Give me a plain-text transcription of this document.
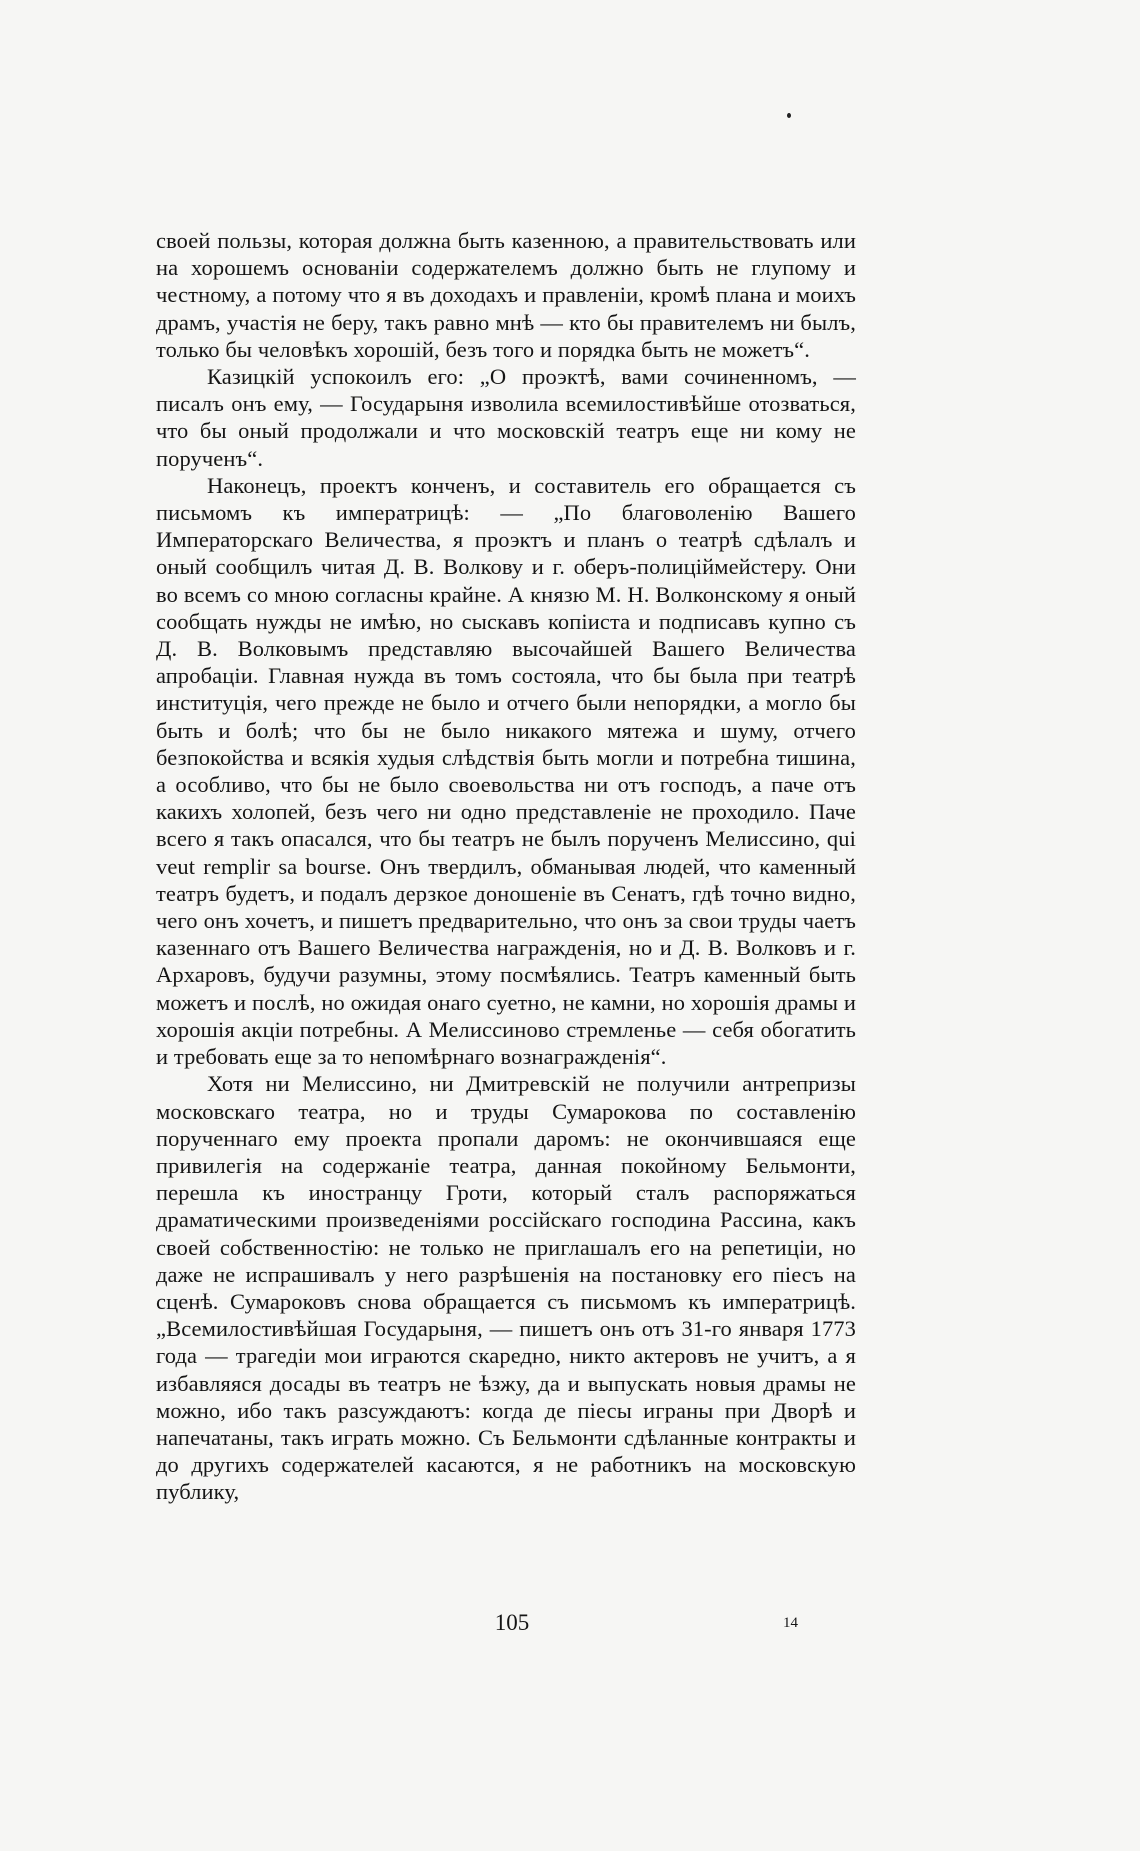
своей пользы, которая должна быть казенною, а правительствовать или на хорошемъ основанiи содержателемъ должно быть не глупому и честному, а потому что я въ доходахъ и правленiи, кромѣ плана и моихъ драмъ, участiя не беру, такъ равно мнѣ — кто бы правителемъ ни былъ, только бы человѣкъ хорошiй, безъ того и порядка быть не можетъ“.

Казицкiй успокоилъ его: „О проэктѣ, вами сочиненномъ, — писалъ онъ ему, — Государыня изволила всемилостивѣйше отозваться, что бы оный продолжали и что московскiй театръ еще ни кому не порученъ“.

Наконецъ, проектъ конченъ, и составитель его обращается съ письмомъ къ императрицѣ: — „По благоволенiю Вашего Императорскаго Величества, я проэктъ и планъ о театрѣ сдѣлалъ и оный сообщилъ читая Д. В. Волкову и г. оберъ-полицiймейстеру. Они во всемъ со мною согласны крайне. А князю М. Н. Волконскому я оный сообщать нужды не имѣю, но сыскавъ копiиста и подписавъ купно съ Д. В. Волковымъ представляю высочайшей Вашего Величества апробацiи. Главная нужда въ томъ состояла, что бы была при театрѣ институцiя, чего прежде не было и отчего были непорядки, а могло бы быть и болѣ; что бы не было никакого мятежа и шуму, отчего безпокойства и всякiя худыя слѣдствiя быть могли и потребна тишина, а особливо, что бы не было своевольства ни отъ господъ, а паче отъ какихъ холопей, безъ чего ни одно представленiе не проходило. Паче всего я такъ опасался, что бы театръ не былъ порученъ Мелиссино, qui veut remplir sa bourse. Онъ твердилъ, обманывая людей, что каменный театръ будетъ, и подалъ дерзкое доношенiе въ Сенатъ, гдѣ точно видно, чего онъ хочетъ, и пишетъ предварительно, что онъ за свои труды чаетъ казеннаго отъ Вашего Величества награжденiя, но и Д. В. Волковъ и г. Архаровъ, будучи разумны, этому посмѣялись. Театръ каменный быть можетъ и послѣ, но ожидая онаго суетно, не камни, но хорошiя драмы и хорошiя акцiи потребны. А Мелиссиново стремленье — себя обогатить и требовать еще за то непомѣрнаго вознагражденiя“.

Хотя ни Мелиссино, ни Дмитревскiй не получили антрепризы московскаго театра, но и труды Сумарокова по составленiю порученнаго ему проекта пропали даромъ: не окончившаяся еще привилегiя на содержанiе театра, данная покойному Бельмонти, перешла къ иностранцу Гроти, который сталъ распоряжаться драматическими произведенiями россiйскаго господина Рассина, какъ своей собственностiю: не только не приглашалъ его на репетицiи, но даже не испрашивалъ у него разрѣшенiя на постановку его пiесъ на сценѣ. Сумароковъ снова обращается съ письмомъ къ императрицѣ. „Всемилостивѣйшая Государыня, — пишетъ онъ отъ 31-го января 1773 года — трагедiи мои играются скаредно, никто актеровъ не учитъ, а я избавляяся досады въ театръ не ѣзжу, да и выпускать новыя драмы не можно, ибо такъ разсуждаютъ: когда де пiесы играны при Дворѣ и напечатаны, такъ играть можно. Съ Бельмонти сдѣланные контракты и до другихъ содержателей касаются, я не работникъ на московскую публику,

105	14
